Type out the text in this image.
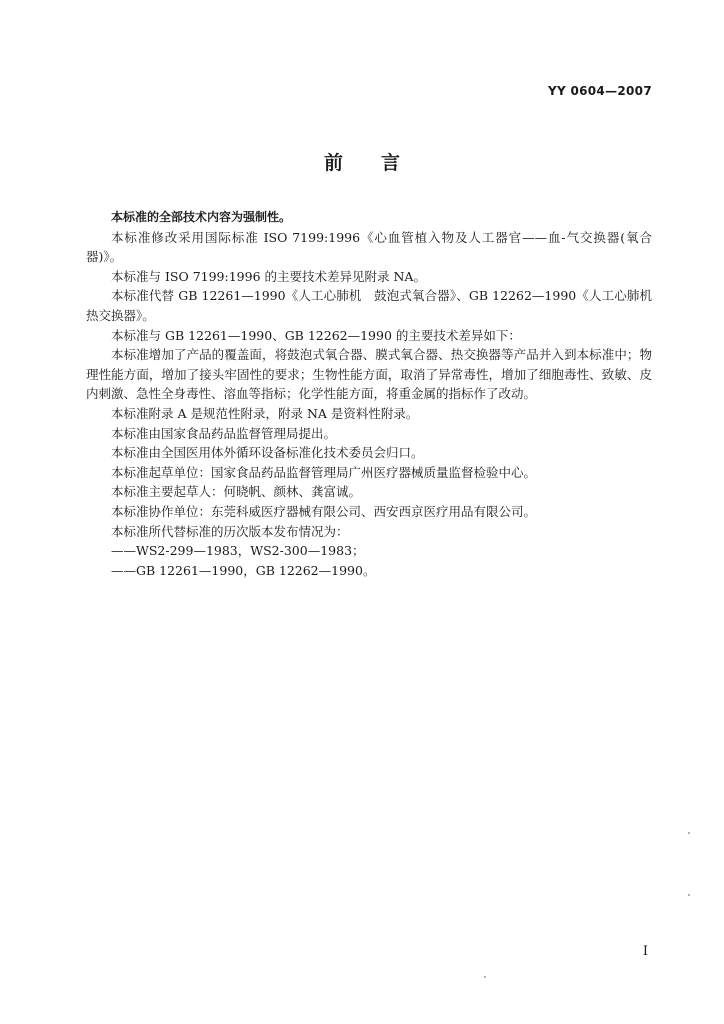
YY 0604—2007
前言

本标准的全部技术内容为强制性。

本标准修改采用国际标准 ISO 7199:1996《心血管植入物及人工器官——血-气交换器(氧合器)》。

本标准与 ISO 7199:1996 的主要技术差异见附录 NA。

本标准代替 GB 12261—1990《人工心肺机　鼓泡式氧合器》、GB 12262—1990《人工心肺机　热交换器》。

本标准与 GB 12261—1990、GB 12262—1990 的主要技术差异如下：

本标准增加了产品的覆盖面，将鼓泡式氧合器、膜式氧合器、热交换器等产品并入到本标准中；物理性能方面，增加了接头牢固性的要求；生物性能方面，取消了异常毒性，增加了细胞毒性、致敏、皮内刺激、急性全身毒性、溶血等指标；化学性能方面，将重金属的指标作了改动。

本标准附录 A 是规范性附录，附录 NA 是资料性附录。

本标准由国家食品药品监督管理局提出。

本标准由全国医用体外循环设备标准化技术委员会归口。

本标准起草单位：国家食品药品监督管理局广州医疗器械质量监督检验中心。

本标准主要起草人：何晓帆、颜林、龚富诚。

本标准协作单位：东莞科威医疗器械有限公司、西安西京医疗用品有限公司。

本标准所代替标准的历次版本发布情况为：

——WS2-299—1983，WS2-300—1983；

——GB 12261—1990，GB 12262—1990。

I
